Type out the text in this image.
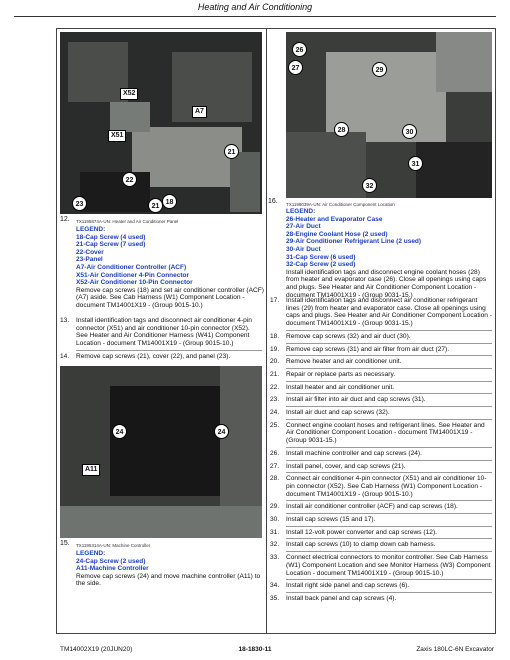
Heating and Air Conditioning
X52
A7
X51
21
22
23	21
18
TX1195874A-UN: Heater and Air Conditioner Panel
12.
LEGEND:
18-Cap Screw (4 used)
21-Cap Screw (7 used)
22-Cover
23-Panel
A7-Air Conditioner Controller (ACF)
X51-Air Conditioner 4-Pin Connector
X52-Air Conditioner 10-Pin Connector
Remove cap screws (18) and set air conditioner controller (ACF) (A7) aside. See Cab Harness (W1) Component Location - document TM14001X19 - (Group 9015-10.)
13. Install identification tags and disconnect air conditioner 4-pin connector (X51) and air conditioner 10-pin connector (X52). See Heater and Air Conditioner Harness (W41) Component Location - document TM14001X19 - (Group 9015-10.)
14. Remove cap screws (21), cover (22), and panel (23).
24	24
A11
TX1195314A-UN: Machine Controller
15.
LEGEND:
24-Cap Screw (2 used)
A11-Machine Controller
Remove cap screws (24) and move machine controller (A11) to the side.
26
27	29
28	30
31
32
16. TX1198039A-UN: Air Conditioner Component Location
LEGEND:
26-Heater and Evaporator Case
27-Air Duct
28-Engine Coolant Hose (2 used)
29-Air Conditioner Refrigerant Line (2 used)
30-Air Duct
31-Cap Screw (6 used)
32-Cap Screw (2 used)
Install identification tags and disconnect engine coolant hoses (28) from heater and evaporator case (26). Close all openings using caps and plugs. See Heater and Air Conditioner Component Location - document TM14001X19 - (Group 9031-15.)
17. Install identification tags and disconnect air conditioner refrigerant lines (29) from heater and evaporator case. Close all openings using caps and plugs. See Heater and Air Conditioner Component Location - document TM14001X19 - (Group 9031-15.)
18. Remove cap screws (32) and air duct (30).
19. Remove cap screws (31) and air filter from air duct (27).
20. Remove heater and air conditioner unit.
21. Repair or replace parts as necessary.
22. Install heater and air conditioner unit.
23. Install air filter into air duct and cap screws (31).
24. Install air duct and cap screws (32).
25. Connect engine coolant hoses and refrigerant lines. See Heater and Air Conditioner Component Location - document TM14001X19 - (Group 9031-15.)
26. Install machine controller and cap screws (24).
27. Install panel, cover, and cap screws (21).
28. Connect air conditioner 4-pin connector (X51) and air conditioner 10-pin connector (X52). See Cab Harness (W1) Component Location - document TM14001X19 - (Group 9015-10.)
29. Install air conditioner controller (ACF) and cap screws (18).
30. Install cap screws (15 and 17).
31. Install 12-volt power converter and cap screws (12).
32. Install cap screws (10) to clamp down cab harness.
33. Connect electrical connectors to monitor controller. See Cab Harness (W1) Component Location and see Monitor Harness (W3) Component Location - document TM14001X19 - (Group 9015-10.)
34. Install right side panel and cap screws (6).
35. Install back panel and cap screws (4).
TM14002X19 (20JUN20)	18-1830-11	Zaxis 180LC-6N Excavator
